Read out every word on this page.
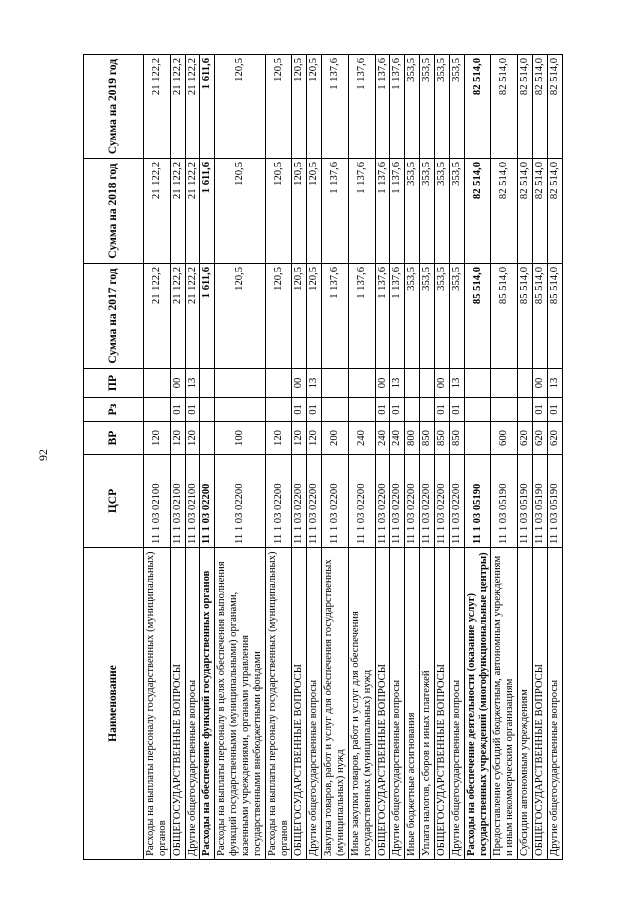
92
Наименование	ЦСР	ВР	Рз	ПР	Сумма на 2017 год	Сумма на 2018 год	Сумма на 2019 год
Расходы на выплаты персоналу государственных (муниципальных) органов	11 1 03 02100	120			21 122,2	21 122,2	21 122,2
ОБЩЕГОСУДАРСТВЕННЫЕ ВОПРОСЫ	11 1 03 02100	120	01	00	21 122,2	21 122,2	21 122,2
Другие общегосударственные вопросы	11 1 03 02100	120	01	13	21 122,2	21 122,2	21 122,2
Расходы на обеспечение функций государственных органов	11 1 03 02200				1 611,6	1 611,6	1 611,6
Расходы на выплаты персоналу в целях обеспечения выполнения функций государственными (муниципальными) органами, казенными учреждениями, органами управления государственными внебюджетными фондами	11 1 03 02200	100			120,5	120,5	120,5
Расходы на выплаты персоналу государственных (муниципальных) органов	11 1 03 02200	120			120,5	120,5	120,5
ОБЩЕГОСУДАРСТВЕННЫЕ ВОПРОСЫ	11 1 03 02200	120	01	00	120,5	120,5	120,5
Другие общегосударственные вопросы	11 1 03 02200	120	01	13	120,5	120,5	120,5
Закупка товаров, работ и услуг для обеспечения государственных (муниципальных) нужд	11 1 03 02200	200			1 137,6	1 137,6	1 137,6
Иные закупки товаров, работ и услуг для обеспечения государственных (муниципальных) нужд	11 1 03 02200	240			1 137,6	1 137,6	1 137,6
ОБЩЕГОСУДАРСТВЕННЫЕ ВОПРОСЫ	11 1 03 02200	240	01	00	1 137,6	1 137,6	1 137,6
Другие общегосударственные вопросы	11 1 03 02200	240	01	13	1 137,6	1 137,6	1 137,6
Иные бюджетные ассигнования	11 1 03 02200	800			353,5	353,5	353,5
Уплата налогов, сборов и иных платежей	11 1 03 02200	850			353,5	353,5	353,5
ОБЩЕГОСУДАРСТВЕННЫЕ ВОПРОСЫ	11 1 03 02200	850	01	00	353,5	353,5	353,5
Другие общегосударственные вопросы	11 1 03 02200	850	01	13	353,5	353,5	353,5
Расходы на обеспечение деятельности (оказание услуг) государственных учреждений (многофункциональные центры)	11 1 03 05190				85 514,0	82 514,0	82 514,0
Предоставление субсидий бюджетным, автономным учреждениям и иным некоммерческим организациям	11 1 03 05190	600			85 514,0	82 514,0	82 514,0
Субсидии автономным учреждениям	11 1 03 05190	620			85 514,0	82 514,0	82 514,0
ОБЩЕГОСУДАРСТВЕННЫЕ ВОПРОСЫ	11 1 03 05190	620	01	00	85 514,0	82 514,0	82 514,0
Другие общегосударственные вопросы	11 1 03 05190	620	01	13	85 514,0	82 514,0	82 514,0
